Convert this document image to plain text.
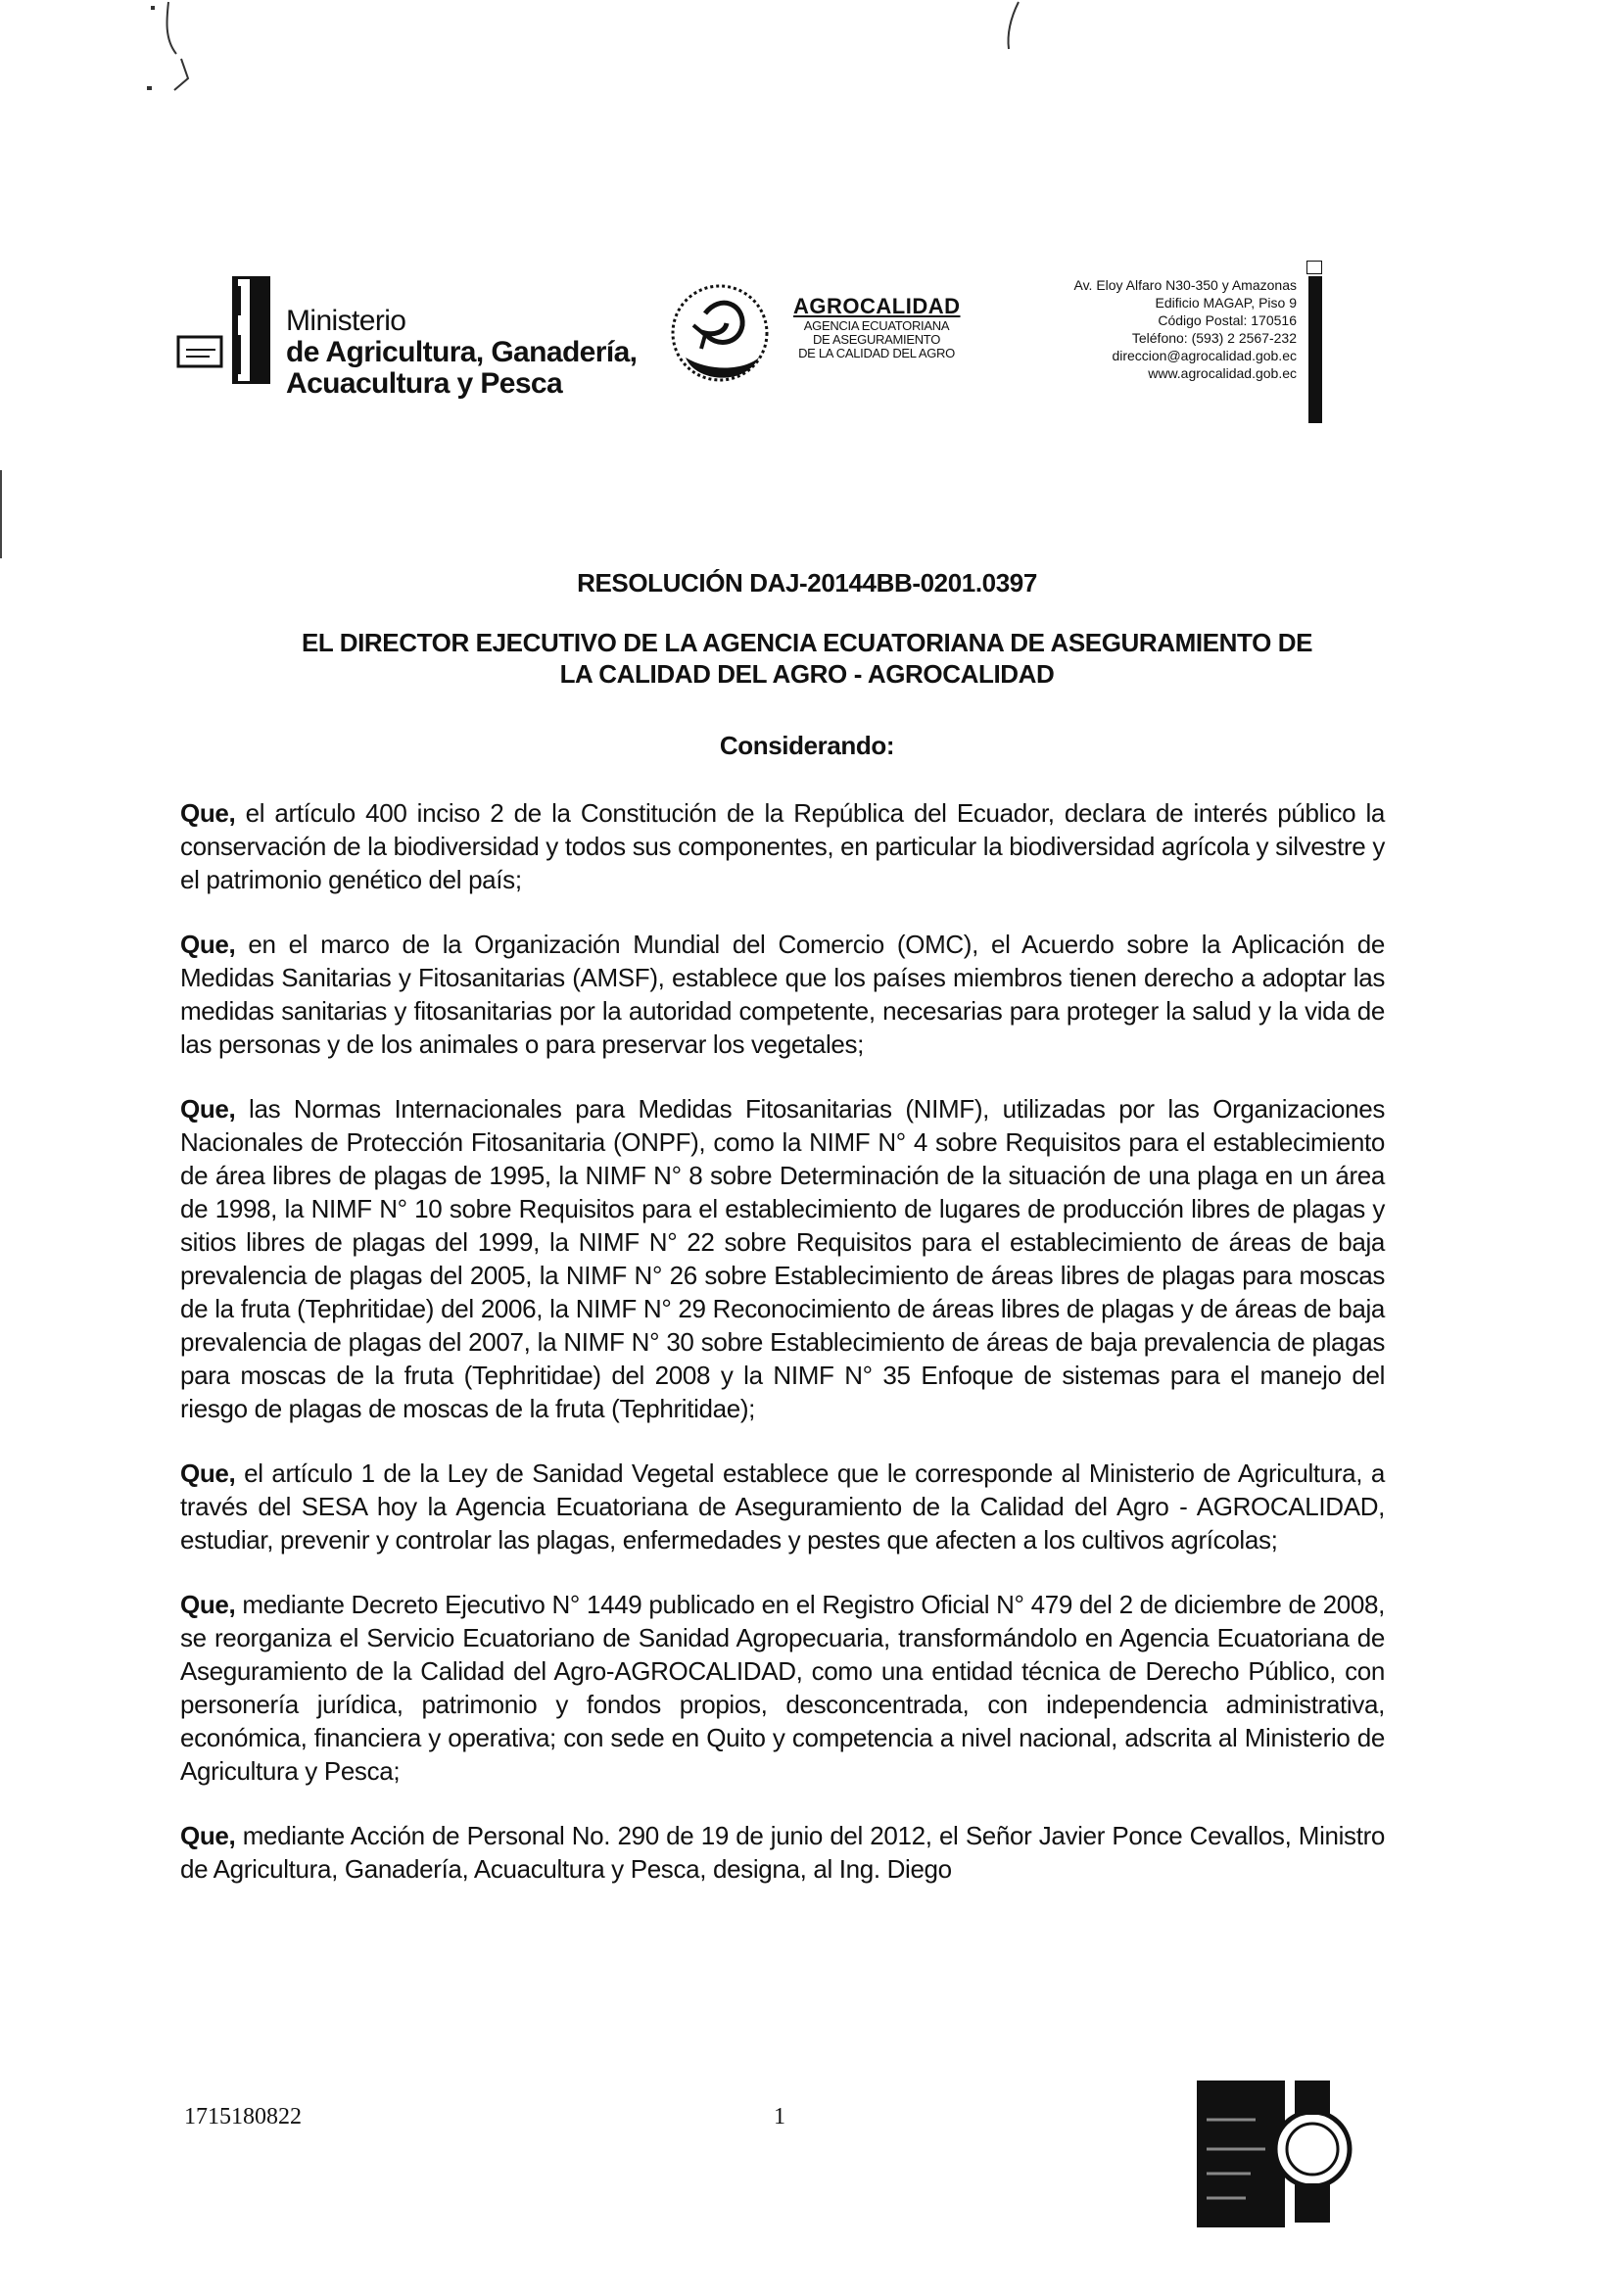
Ministerio
de Agricultura, Ganadería,
Acuacultura y Pesca
AGROCALIDAD
AGENCIA ECUATORIANA
DE ASEGURAMIENTO
DE LA CALIDAD DEL AGRO
Av. Eloy Alfaro N30-350 y Amazonas
Edificio MAGAP, Piso 9
Código Postal: 170516
Teléfono: (593) 2 2567-232
direccion@agrocalidad.gob.ec
www.agrocalidad.gob.ec
RESOLUCIÓN DAJ-20144BB-0201.0397
EL DIRECTOR EJECUTIVO DE LA AGENCIA ECUATORIANA DE ASEGURAMIENTO DE
LA CALIDAD DEL AGRO - AGROCALIDAD
Considerando:

Que, el artículo 400 inciso 2 de la Constitución de la República del Ecuador, declara de interés público la conservación de la biodiversidad y todos sus componentes, en particular la biodiversidad agrícola y silvestre y el patrimonio genético del país;

Que, en el marco de la Organización Mundial del Comercio (OMC), el Acuerdo sobre la Aplicación de Medidas Sanitarias y Fitosanitarias (AMSF), establece que los países miembros tienen derecho a adoptar las medidas sanitarias y fitosanitarias por la autoridad competente, necesarias para proteger la salud y la vida de las personas y de los animales o para preservar los vegetales;

Que, las Normas Internacionales para Medidas Fitosanitarias (NIMF), utilizadas por las Organizaciones Nacionales de Protección Fitosanitaria (ONPF), como la NIMF N° 4 sobre Requisitos para el establecimiento de área libres de plagas de 1995, la NIMF N° 8 sobre Determinación de la situación de una plaga en un área de 1998, la NIMF N° 10 sobre Requisitos para el establecimiento de lugares de producción libres de plagas y sitios libres de plagas del 1999, la NIMF N° 22 sobre Requisitos para el establecimiento de áreas de baja prevalencia de plagas del 2005, la NIMF N° 26 sobre Establecimiento de áreas libres de plagas para moscas de la fruta (Tephritidae) del 2006, la NIMF N° 29 Reconocimiento de áreas libres de plagas y de áreas de baja prevalencia de plagas del 2007, la NIMF N° 30 sobre Establecimiento de áreas de baja prevalencia de plagas para moscas de la fruta (Tephritidae) del 2008 y la NIMF N° 35 Enfoque de sistemas para el manejo del riesgo de plagas de moscas de la fruta (Tephritidae);

Que, el artículo 1 de la Ley de Sanidad Vegetal establece que le corresponde al Ministerio de Agricultura, a través del SESA hoy la Agencia Ecuatoriana de Aseguramiento de la Calidad del Agro - AGROCALIDAD, estudiar, prevenir y controlar las plagas, enfermedades y pestes que afecten a los cultivos agrícolas;

Que, mediante Decreto Ejecutivo N° 1449 publicado en el Registro Oficial N° 479 del 2 de diciembre de 2008, se reorganiza el Servicio Ecuatoriano de Sanidad Agropecuaria, transformándolo en Agencia Ecuatoriana de Aseguramiento de la Calidad del Agro-AGROCALIDAD, como una entidad técnica de Derecho Público, con personería jurídica, patrimonio y fondos propios, desconcentrada, con independencia administrativa, económica, financiera y operativa; con sede en Quito y competencia a nivel nacional, adscrita al Ministerio de Agricultura y Pesca;

Que, mediante Acción de Personal No. 290 de 19 de junio del 2012, el Señor Javier Ponce Cevallos, Ministro de Agricultura, Ganadería, Acuacultura y Pesca, designa, al Ing. Diego

1715180822	1
